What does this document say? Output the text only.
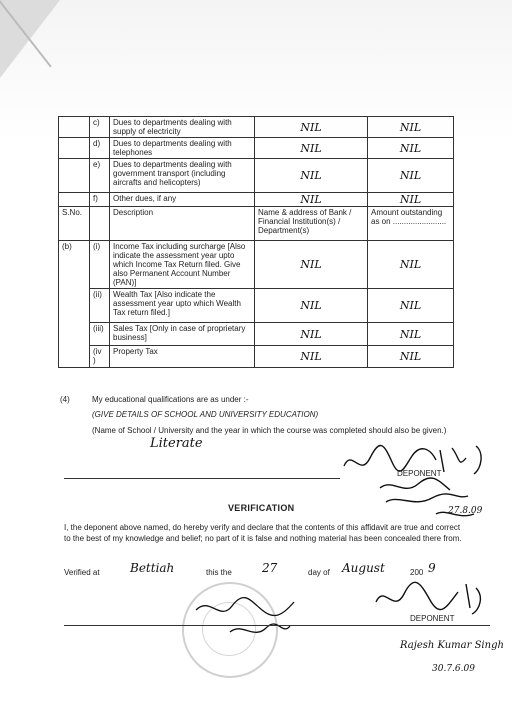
	c)	Dues to departments dealing with supply of electricity	NIL	NIL
	d)	Dues to departments dealing with telephones	NIL	NIL
	e)	Dues to departments dealing with government transport (including aircrafts and helicopters)	NIL	NIL
	f)	Other dues, if any	NIL	NIL
S.No.		Description	Name & address of Bank / Financial Institution(s) / Department(s)	Amount outstanding as on ........................
(b)	(i)	Income Tax including surcharge [Also indicate the assessment year upto which Income Tax Return filed. Give also Permanent Account Number (PAN)]	NIL	NIL
	(ii)	Wealth Tax [Also indicate the assessment year upto which Wealth Tax return filed.]	NIL	NIL
	(iii)	Sales Tax [Only in case of proprietary business]	NIL	NIL
	(iv )	Property Tax	NIL	NIL
(4)	My educational qualifications are as under :-
(GIVE DETAILS OF SCHOOL AND UNIVERSITY EDUCATION)
(Name of School / University and the year in which the course was completed should also be given.)
Literate
DEPONENT
VERIFICATION
I, the deponent above named, do hereby verify and declare that the contents of this affidavit are true and correct to the best of my knowledge and belief; no part of it is false and nothing material has been concealed there from.
Verified at	Bettiah	this the	27	day of August	200 9
DEPONENT
Rajesh Kumar Singh
30.7.6.09
27.8.09
